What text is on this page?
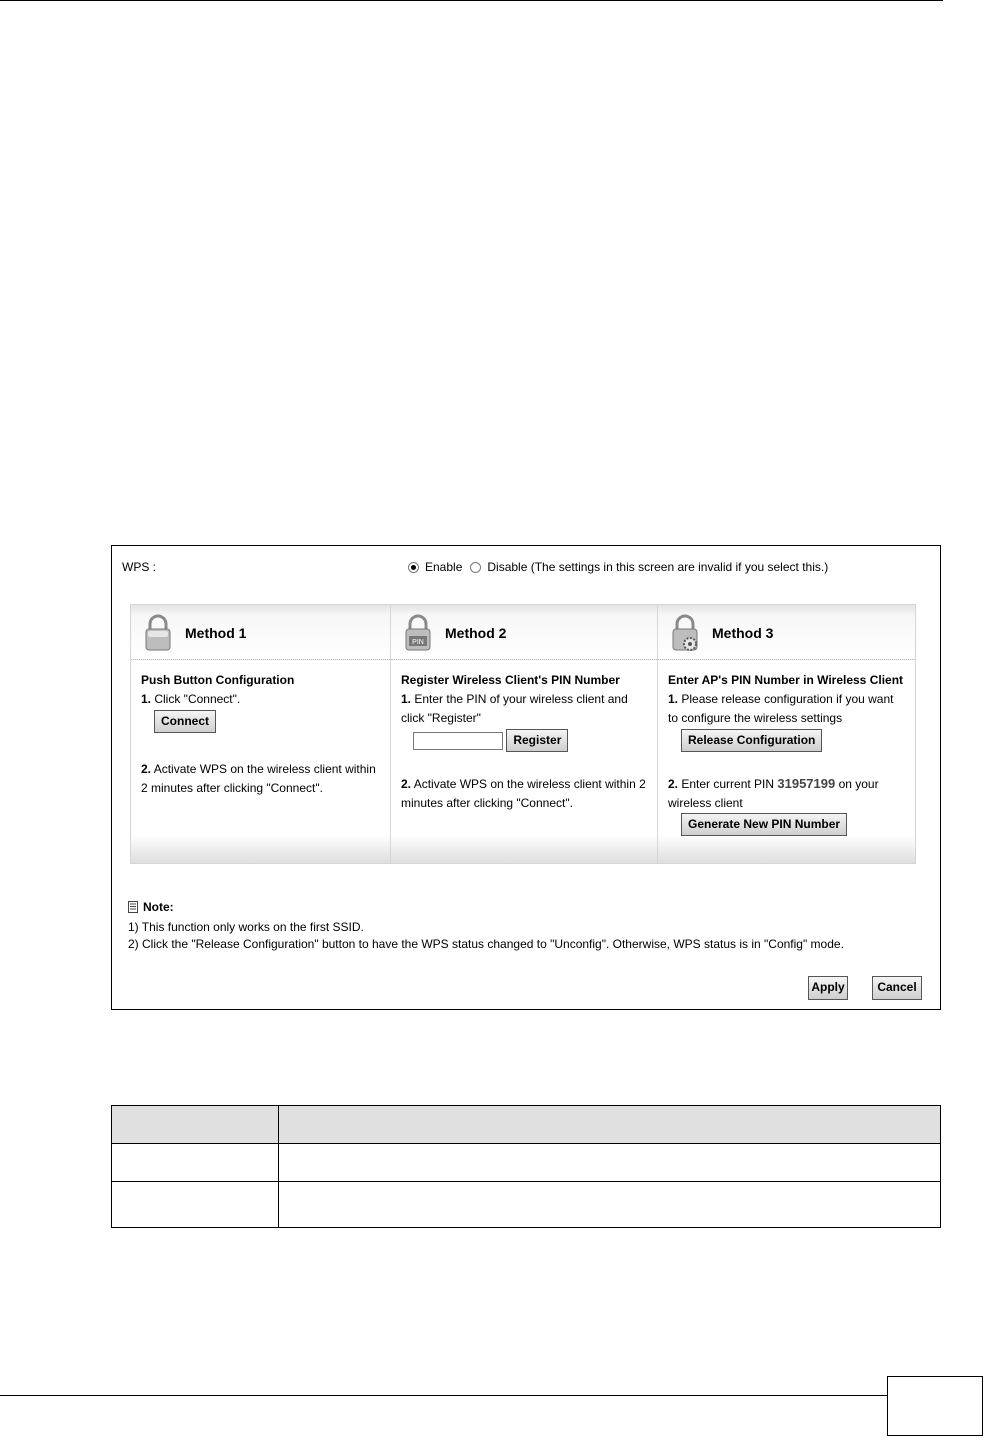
WPS :	Enable Disable (The settings in this screen are invalid if you select this.)
Method 1
Push Button Configuration
1. Click "Connect".
Connect
2. Activate WPS on the wireless client within 2 minutes after clicking "Connect".
PIN
Method 2
Register Wireless Client's PIN Number
1. Enter the PIN of your wireless client and click "Register"
Register
2. Activate WPS on the wireless client within 2 minutes after clicking "Connect".
Method 3
Enter AP's PIN Number in Wireless Client
1. Please release configuration if you want to configure the wireless settings
Release Configuration
2. Enter current PIN 31957199 on your wireless client
Generate New PIN Number
Note:
1) This function only works on the first SSID.
2) Click the "Release Configuration" button to have the WPS status changed to "Unconfig". Otherwise, WPS status is in "Config" mode.
Apply	Cancel
